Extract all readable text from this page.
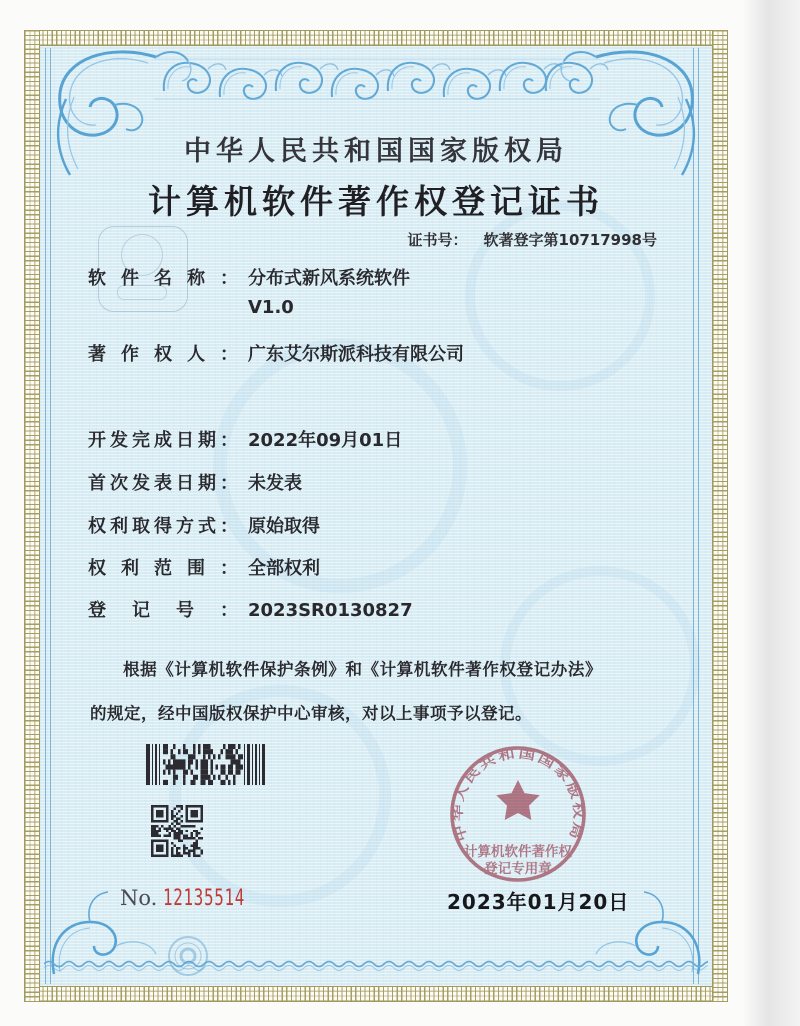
中华人民共和国国家版权局
计算机软件著作权登记证书
证书号： 软著登字第10717998号
软件名称： 分布式新风系统软件
V1.0
著作权人： 广东艾尔斯派科技有限公司
开发完成日期： 2022年09月01日
首次发表日期： 未发表
权利取得方式： 原始取得
权利范围： 全部权利
登记号： 2023SR0130827
根据《计算机软件保护条例》和《计算机软件著作权登记办法》的规定，经中国版权保护中心审核，对以上事项予以登记。
中华人民共和国国家版权局
计算机软件著作权
登记专用章
No. 12135514	2023年01月20日
